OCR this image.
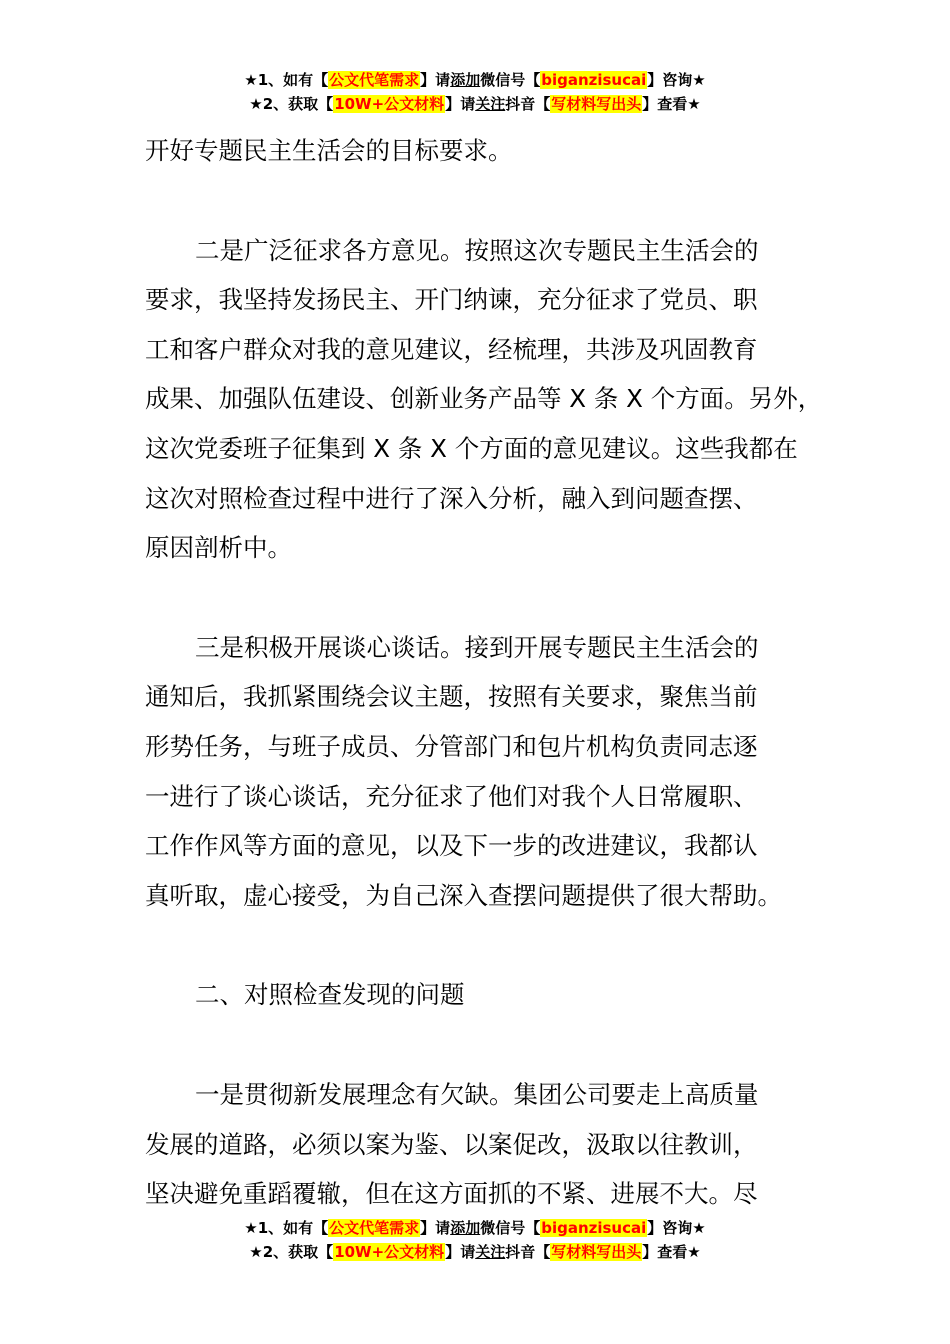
★1、如有【公文代笔需求】请添加微信号【biganzisucai】咨询★
★2、获取【10W+公文材料】请关注抖音【写材料写出头】查看★

开好专题民主生活会的目标要求。

二是广泛征求各方意见。按照这次专题民主生活会的
要求，我坚持发扬民主、开门纳谏，充分征求了党员、职
工和客户群众对我的意见建议，经梳理，共涉及巩固教育
成果、加强队伍建设、创新业务产品等 X 条 X 个方面。另外，
这次党委班子征集到 X 条 X 个方面的意见建议。这些我都在
这次对照检查过程中进行了深入分析，融入到问题查摆、
原因剖析中。

三是积极开展谈心谈话。接到开展专题民主生活会的
通知后，我抓紧围绕会议主题，按照有关要求，聚焦当前
形势任务，与班子成员、分管部门和包片机构负责同志逐
一进行了谈心谈话，充分征求了他们对我个人日常履职、
工作作风等方面的意见，以及下一步的改进建议，我都认
真听取，虚心接受，为自己深入查摆问题提供了很大帮助。

二、对照检查发现的问题

一是贯彻新发展理念有欠缺。集团公司要走上高质量
发展的道路，必须以案为鉴、以案促改，汲取以往教训，
坚决避免重蹈覆辙，但在这方面抓的不紧、进展不大。尽

★1、如有【公文代笔需求】请添加微信号【biganzisucai】咨询★
★2、获取【10W+公文材料】请关注抖音【写材料写出头】查看★
